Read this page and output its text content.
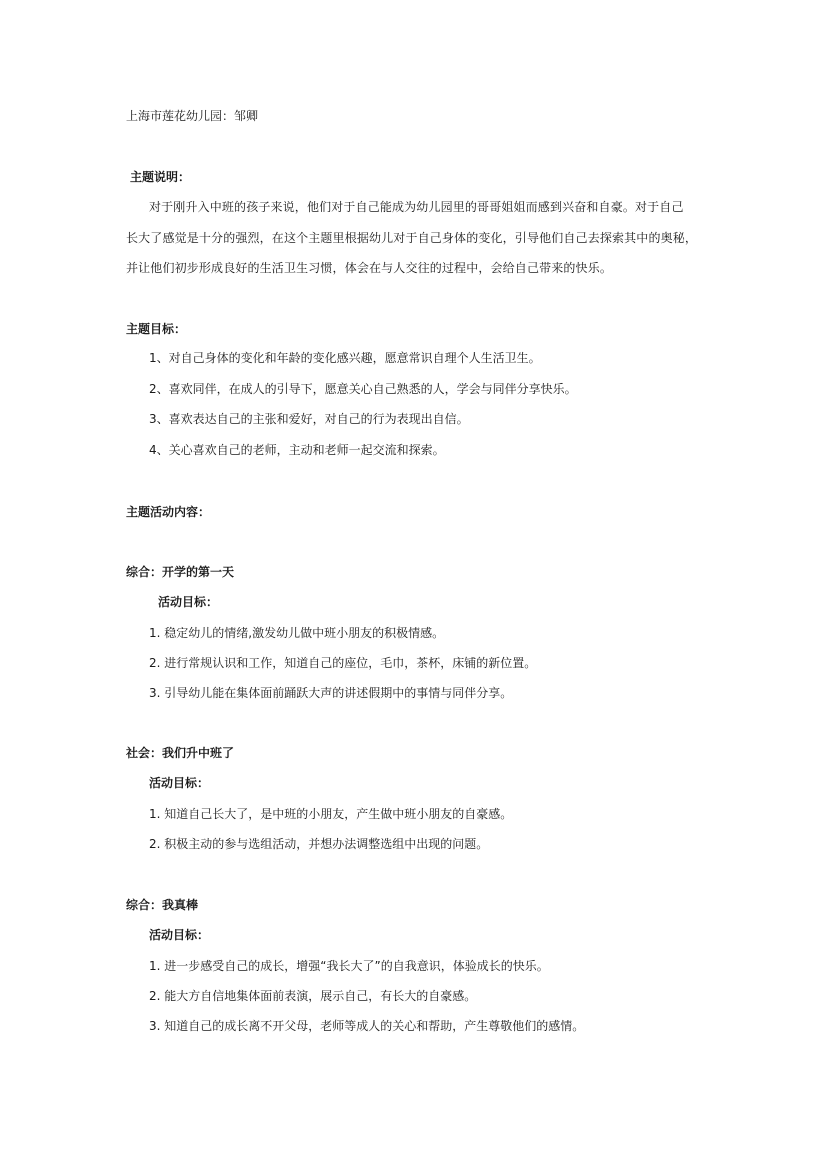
上海市莲花幼儿园：邹卿
主题说明：
对于刚升入中班的孩子来说，他们对于自己能成为幼儿园里的哥哥姐姐而感到兴奋和自豪。对于自己
长大了感觉是十分的强烈，在这个主题里根据幼儿对于自己身体的变化，引导他们自己去探索其中的奥秘，
并让他们初步形成良好的生活卫生习惯，体会在与人交往的过程中，会给自己带来的快乐。
主题目标：
1、对自己身体的变化和年龄的变化感兴趣，愿意常识自理个人生活卫生。
2、喜欢同伴，在成人的引导下，愿意关心自己熟悉的人，学会与同伴分享快乐。
3、喜欢表达自己的主张和爱好，对自己的行为表现出自信。
4、关心喜欢自己的老师，主动和老师一起交流和探索。
主题活动内容：
综合：开学的第一天
活动目标：
1. 稳定幼儿的情绪,激发幼儿做中班小朋友的积极情感。
2. 进行常规认识和工作，知道自己的座位，毛巾，茶杯，床铺的新位置。
3. 引导幼儿能在集体面前踊跃大声的讲述假期中的事情与同伴分享。
社会：我们升中班了
活动目标：
1. 知道自己长大了，是中班的小朋友，产生做中班小朋友的自豪感。
2. 积极主动的参与选组活动，并想办法调整选组中出现的问题。
综合：我真棒
活动目标：
1. 进一步感受自己的成长，增强“我长大了”的自我意识，体验成长的快乐。
2. 能大方自信地集体面前表演，展示自己，有长大的自豪感。
3. 知道自己的成长离不开父母，老师等成人的关心和帮助，产生尊敬他们的感情。
